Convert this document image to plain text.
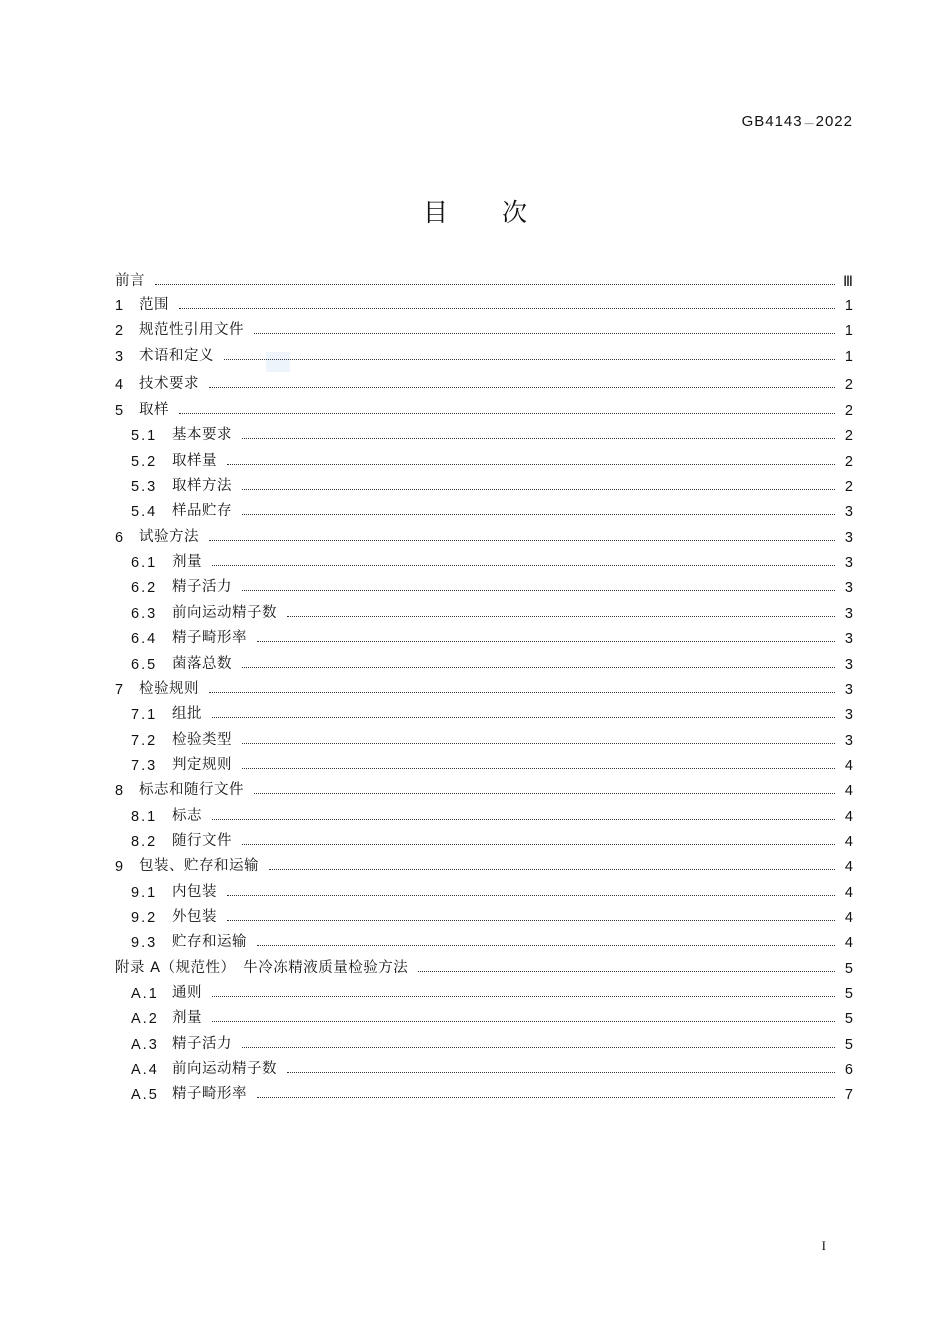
GB4143 — 2022
目次
前言	Ⅲ
1 范围	1
2 规范性引用文件	1
3 术语和定义	1
4 技术要求	2
5 取样	2
5.1	基本要求	2
5.2	取样量	2
5.3	取样方法	2
5.4	样品贮存	3
6 试验方法	3
6.1	剂量	3
6.2	精子活力	3
6.3	前向运动精子数	3
6.4	精子畸形率	3
6.5	菌落总数	3
7 检验规则	3
7.1	组批	3
7.2	检验类型	3
7.3	判定规则	4
8 标志和随行文件	4
8.1	标志	4
8.2	随行文件	4
9 包装、贮存和运输	4
9.1	内包装	4
9.2	外包装	4
9.3	贮存和运输	4
附录 A（规范性）　牛冷冻精液质量检验方法	5
A.1 通则	5
A.2 剂量	5
A.3 精子活力	5
A.4 前向运动精子数	6
A.5 精子畸形率	7
I
